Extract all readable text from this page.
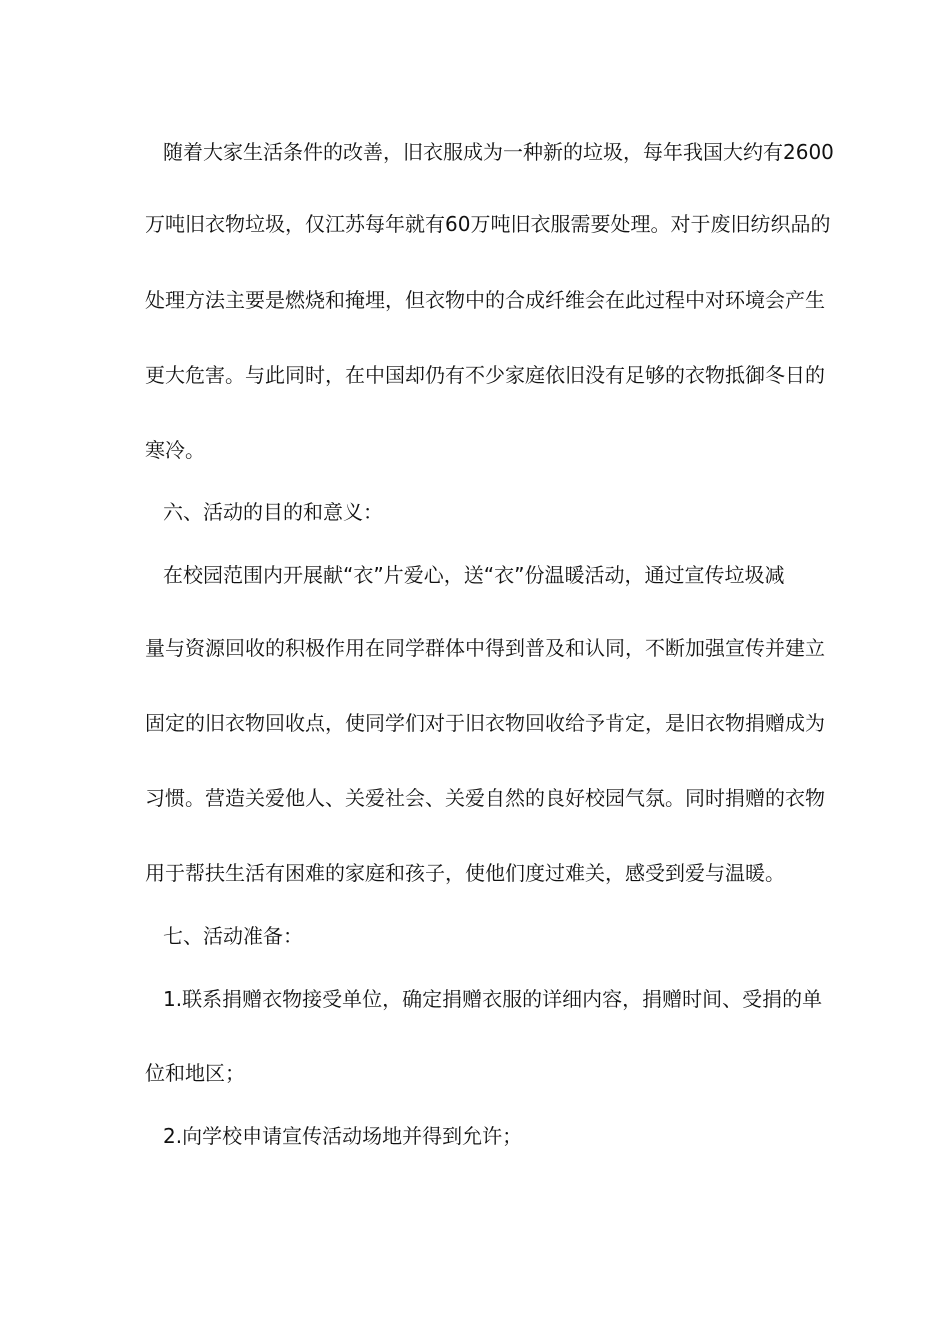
随着大家生活条件的改善，旧衣服成为一种新的垃圾，每年我国大约有2600
万吨旧衣物垃圾，仅江苏每年就有60万吨旧衣服需要处理。对于废旧纺织品的
处理方法主要是燃烧和掩埋，但衣物中的合成纤维会在此过程中对环境会产生
更大危害。与此同时，在中国却仍有不少家庭依旧没有足够的衣物抵御冬日的
寒冷。
六、活动的目的和意义：
在校园范围内开展献“衣”片爱心，送“衣”份温暖活动，通过宣传垃圾减
量与资源回收的积极作用在同学群体中得到普及和认同，不断加强宣传并建立
固定的旧衣物回收点，使同学们对于旧衣物回收给予肯定，是旧衣物捐赠成为
习惯。营造关爱他人、关爱社会、关爱自然的良好校园气氛。同时捐赠的衣物
用于帮扶生活有困难的家庭和孩子，使他们度过难关，感受到爱与温暖。
七、活动准备：
1.联系捐赠衣物接受单位，确定捐赠衣服的详细内容，捐赠时间、受捐的单
位和地区；
2.向学校申请宣传活动场地并得到允许；
